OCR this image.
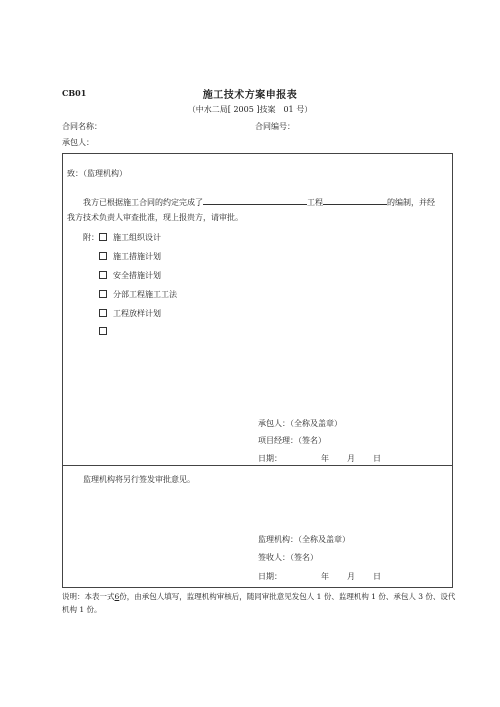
CB01	施工技术方案申报表
（中水二局[ 2005 ]技案　01 号）
合同名称：	合同编号：
承包人：
致：（监理机构）
我方已根据施工合同的约定完成了	工程	的编制，并经
我方技术负责人审查批准，现上报贵方，请审批。
附：	施工组织设计
施工措施计划
安全措施计划
分部工程施工工法
工程放样计划
承包人：（全称及盖章）
项目经理：（签名）
日期：	年 月 日
监理机构将另行签发审批意见。
监理机构：（全称及盖章）
签收人：（签名）
日期：	年 月 日
说明：本表一式6份，由承包人填写，监理机构审核后，随同审批意见发包人 1 份、监理机构 1 份、承包人 3 份、设代机构 1 份。
